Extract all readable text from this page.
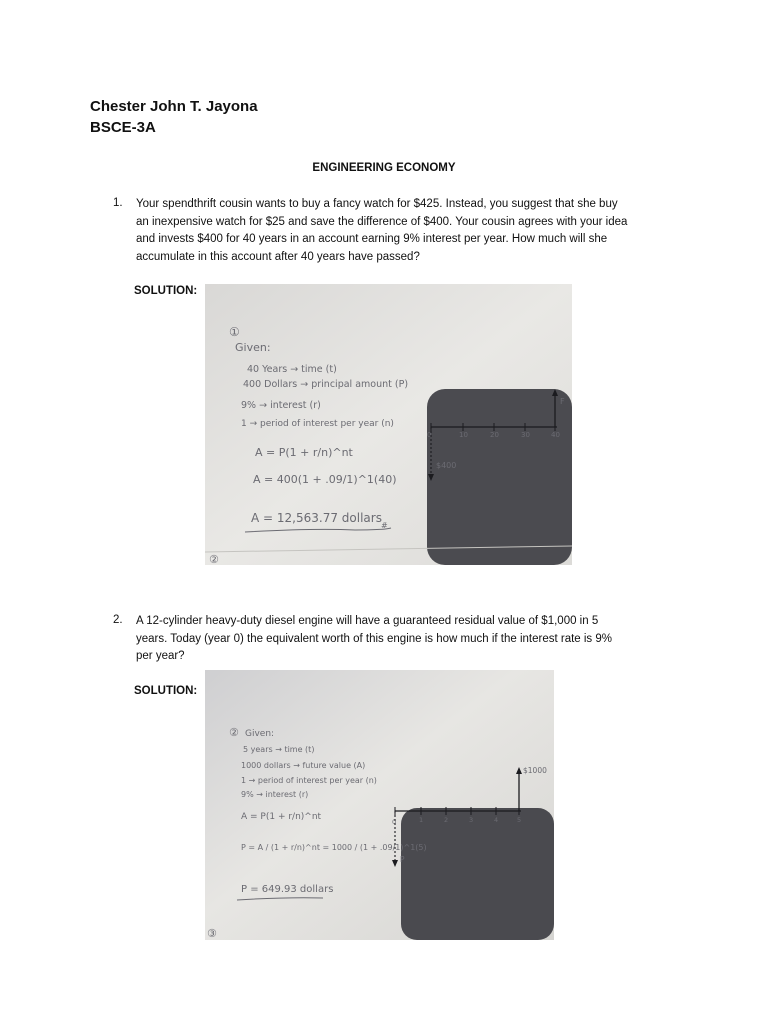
Chester John T. Jayona
BSCE-3A
ENGINEERING ECONOMY
1. Your spendthrift cousin wants to buy a fancy watch for $425. Instead, you suggest that she buy
an inexpensive watch for $25 and save the difference of $400. Your cousin agrees with your idea
and invests $400 for 40 years in an account earning 9% interest per year. How much will she
accumulate in this account after 40 years have passed?
SOLUTION:
①
Given:
40 Years → time (t)
400 Dollars → principal amount (P)
9% → interest (r)
1 → period of interest per year (n)
A = P(1 + r/n)^nt
A = 400(1 + .09/1)^1(40)
A = 12,563.77 dollars
#
0	10	20	30	40
F
$400
②
2. A 12-cylinder heavy-duty diesel engine will have a guaranteed residual value of $1,000 in 5
years. Today (year 0) the equivalent worth of this engine is how much if the interest rate is 9%
per year?
SOLUTION:
② Given:
5 years → time (t)
1000 dollars → future value (A)
1 → period of interest per year (n)
9% → interest (r)
A = P(1 + r/n)^nt
P = A / (1 + r/n)^nt = 1000 / (1 + .09/1)^1(5)
P = 649.93 dollars
0	1	2	3	4	5
$1000
P
③
